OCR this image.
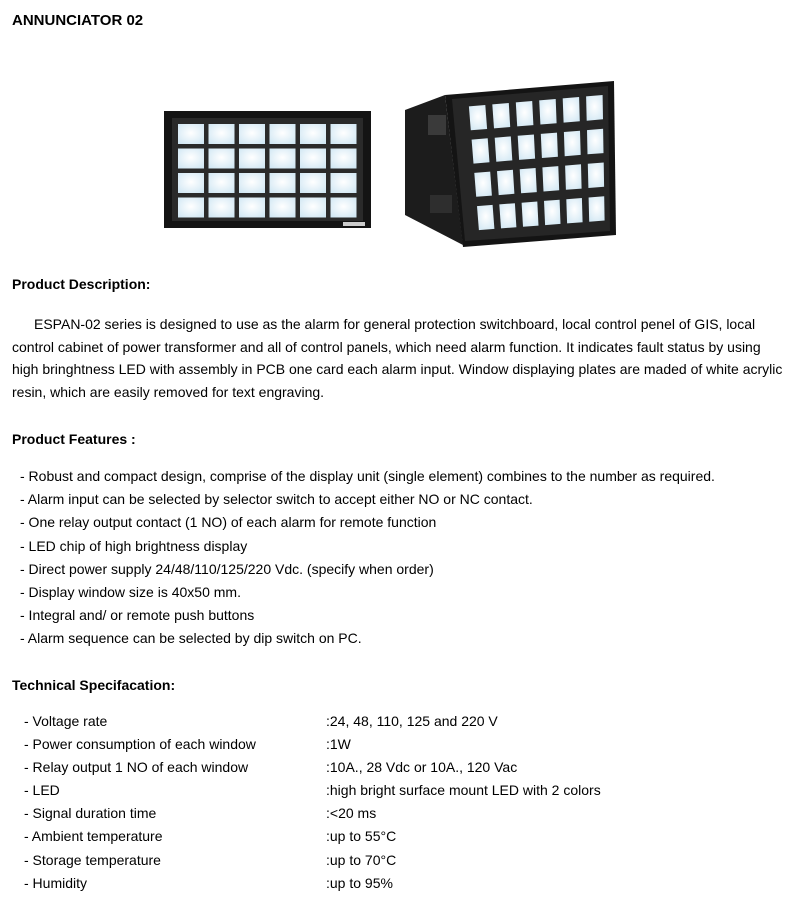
ANNUNCIATOR 02
Product Description:
ESPAN-02 series is designed to use as the alarm for general protection switchboard, local control penel of GIS, local control cabinet of power transformer and all of control panels, which need alarm function. It indicates fault status by using high bringhtness LED with assembly in PCB one card each alarm input. Window displaying plates are maded of white acrylic resin, which are easily removed for text engraving.
Product Features :
- Robust and compact design, comprise of the display unit (single element) combines to the number as required.
- Alarm input can be selected by selector switch to accept either NO or NC contact.
- One relay output contact (1 NO) of each alarm for remote function
- LED chip of high brightness display
- Direct power supply 24/48/110/125/220 Vdc. (specify when order)
- Display window size is 40x50 mm.
- Integral and/ or remote push buttons
- Alarm sequence can be selected by dip switch on PC.
Technical Specifacation:
- Voltage rate	:24, 48, 110, 125 and 220 V
- Power consumption of each window	:1W
- Relay output 1 NO of each window	:10A., 28 Vdc or 10A., 120 Vac
- LED	:high bright surface mount LED with 2 colors
- Signal duration time	:<20 ms
- Ambient temperature	:up to 55°C
- Storage temperature	:up to 70°C
- Humidity	:up to 95%
